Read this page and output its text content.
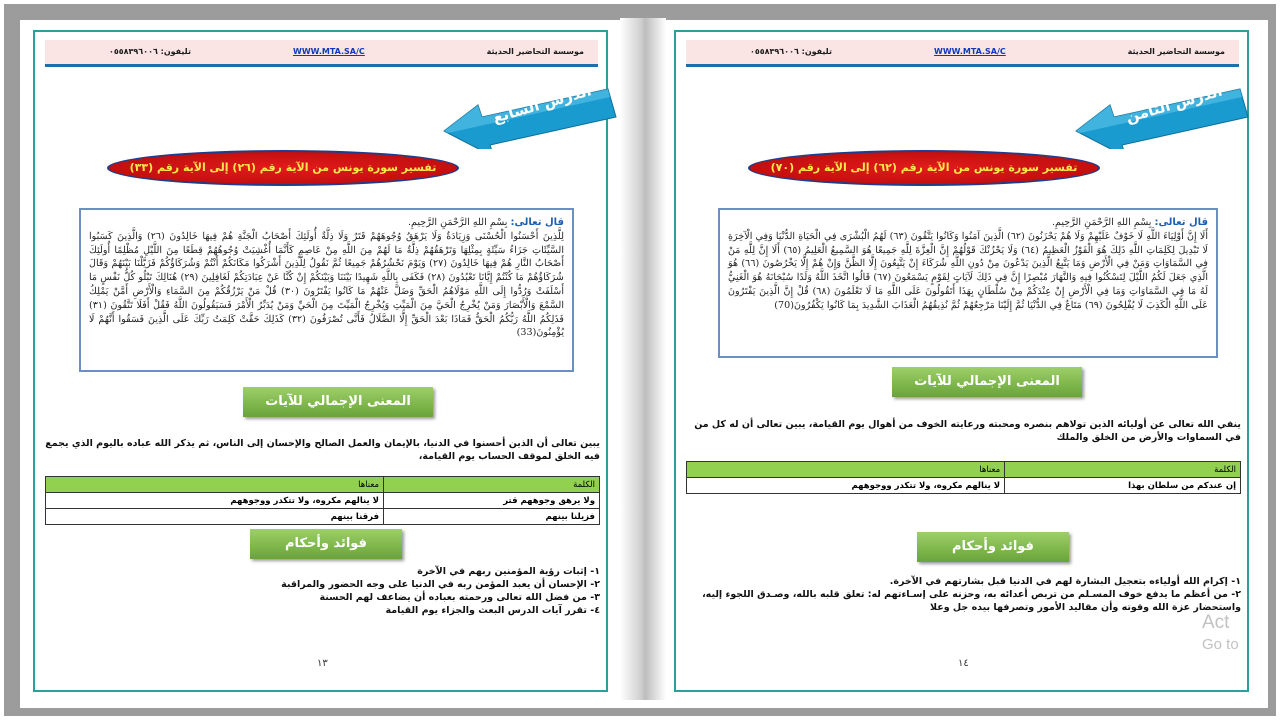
موسسة التحاضير الحديثة
WWW.MTA.SA/C
تليفون: ٠٥٥٨٣٩٦٠٠٦
الدرس السابع
تفسير سورة يونس من الآية رقم (٢٦) إلى الآية رقم (٣٣)
قال تعالى: بِسْمِ اللهِ الرَّحْمَنِ الرَّحِيمِ.
لِلَّذِينَ أَحْسَنُوا الْحُسْنَى وَزِيَادَةٌ وَلَا يَرْهَقُ وُجُوهَهُمْ قَتَرٌ وَلَا ذِلَّةٌ أُولَئِكَ أَصْحَابُ الْجَنَّةِ هُمْ فِيهَا خَالِدُونَ (٢٦) وَالَّذِينَ كَسَبُوا السَّيِّئَاتِ جَزَاءُ سَيِّئَةٍ بِمِثْلِهَا وَتَرْهَقُهُمْ ذِلَّةٌ مَا لَهُمْ مِنَ اللَّهِ مِنْ عَاصِمٍ كَأَنَّمَا أُغْشِيَتْ وُجُوهُهُمْ قِطَعًا مِنَ اللَّيْلِ مُظْلِمًا أُولَئِكَ أَصْحَابُ النَّارِ هُمْ فِيهَا خَالِدُونَ (٢٧) وَيَوْمَ نَحْشُرُهُمْ جَمِيعًا ثُمَّ نَقُولُ لِلَّذِينَ أَشْرَكُوا مَكَانَكُمْ أَنْتُمْ وَشُرَكَاؤُكُمْ فَزَيَّلْنَا بَيْنَهُمْ وَقَالَ شُرَكَاؤُهُمْ مَا كُنْتُمْ إِيَّانَا تَعْبُدُونَ (٢٨) فَكَفَى بِاللَّهِ شَهِيدًا بَيْنَنَا وَبَيْنَكُمْ إِنْ كُنَّا عَنْ عِبَادَتِكُمْ لَغَافِلِينَ (٢٩) هُنَالِكَ تَبْلُو كُلُّ نَفْسٍ مَا أَسْلَفَتْ وَرُدُّوا إِلَى اللَّهِ مَوْلَاهُمُ الْحَقِّ وَضَلَّ عَنْهُمْ مَا كَانُوا يَفْتَرُونَ (٣٠) قُلْ مَنْ يَرْزُقُكُمْ مِنَ السَّمَاءِ وَالْأَرْضِ أَمَّنْ يَمْلِكُ السَّمْعَ وَالْأَبْصَارَ وَمَنْ يُخْرِجُ الْحَيَّ مِنَ الْمَيِّتِ وَيُخْرِجُ الْمَيِّتَ مِنَ الْحَيِّ وَمَنْ يُدَبِّرُ الْأَمْرَ فَسَيَقُولُونَ اللَّهُ فَقُلْ أَفَلَا تَتَّقُونَ (٣١) فَذَلِكُمُ اللَّهُ رَبُّكُمُ الْحَقُّ فَمَاذَا بَعْدَ الْحَقِّ إِلَّا الضَّلَالُ فَأَنَّى تُصْرَفُونَ (٣٢) كَذَلِكَ حَقَّتْ كَلِمَتُ رَبِّكَ عَلَى الَّذِينَ فَسَقُوا أَنَّهُمْ لَا يُؤْمِنُونَ(33)
المعنى الإجمالي للآيات
يبين تعالى أن الذين أحسنوا في الدنيا، بالإيمان والعمل الصالح والإحسان إلى الناس، ثم يذكر الله عباده باليوم الذي يجمع فيه الخلق لموقف الحساب يوم القيامة،
الكلمة	معناها
ولا يرهق وجوههم قتر	لا ينالهم مكروه، ولا تتكدر ووجوههم
فزيلنا بينهم	فرقنا بينهم
فوائد وأحكام
١- إثبات رؤية المؤمنين ربهم في الآخرة
٢- الإحسان أن يعبد المؤمن ربه في الدنيا على وجه الحضور والمراقبة
٣- من فضل الله تعالى ورحمته بعباده أن يضاعف لهم الحسنة
٤- تقرر آيات الدرس البعث والجزاء يوم القيامة
١٣
موسسة التحاضير الحديثة
WWW.MTA.SA/C
تليفون: ٠٥٥٨٣٩٦٠٠٦
الدرس الثامن
تفسير سورة يونس من الآية رقم (٦٢) إلى الآية رقم (٧٠)
قال تعالى: بِسْمِ اللهِ الرَّحْمَنِ الرَّحِيمِ.
أَلَا إِنَّ أَوْلِيَاءَ اللَّهِ لَا خَوْفٌ عَلَيْهِمْ وَلَا هُمْ يَحْزَنُونَ (٦٢) الَّذِينَ آمَنُوا وَكَانُوا يَتَّقُونَ (٦٣) لَهُمُ الْبُشْرَى فِي الْحَيَاةِ الدُّنْيَا وَفِي الْآخِرَةِ لَا تَبْدِيلَ لِكَلِمَاتِ اللَّهِ ذَلِكَ هُوَ الْفَوْزُ الْعَظِيمُ (٦٤) وَلَا يَحْزُنْكَ قَوْلُهُمْ إِنَّ الْعِزَّةَ لِلَّهِ جَمِيعًا هُوَ السَّمِيعُ الْعَلِيمُ (٦٥) أَلَا إِنَّ لِلَّهِ مَنْ فِي السَّمَاوَاتِ وَمَنْ فِي الْأَرْضِ وَمَا يَتَّبِعُ الَّذِينَ يَدْعُونَ مِنْ دُونِ اللَّهِ شُرَكَاءَ إِنْ يَتَّبِعُونَ إِلَّا الظَّنَّ وَإِنْ هُمْ إِلَّا يَخْرُصُونَ (٦٦) هُوَ الَّذِي جَعَلَ لَكُمُ اللَّيْلَ لِتَسْكُنُوا فِيهِ وَالنَّهَارَ مُبْصِرًا إِنَّ فِي ذَلِكَ لَآيَاتٍ لِقَوْمٍ يَسْمَعُونَ (٦٧) قَالُوا اتَّخَذَ اللَّهُ وَلَدًا سُبْحَانَهُ هُوَ الْغَنِيُّ لَهُ مَا فِي السَّمَاوَاتِ وَمَا فِي الْأَرْضِ إِنْ عِنْدَكُمْ مِنْ سُلْطَانٍ بِهَذَا أَتَقُولُونَ عَلَى اللَّهِ مَا لَا تَعْلَمُونَ (٦٨) قُلْ إِنَّ الَّذِينَ يَفْتَرُونَ عَلَى اللَّهِ الْكَذِبَ لَا يُفْلِحُونَ (٦٩) مَتَاعٌ فِي الدُّنْيَا ثُمَّ إِلَيْنَا مَرْجِعُهُمْ ثُمَّ نُذِيقُهُمُ الْعَذَابَ الشَّدِيدَ بِمَا كَانُوا يَكْفُرُونَ(70)
المعنى الإجمالي للآيات
ينفي الله تعالى عن أوليائه الذين تولاهم بنصره ومحبته ورعايته الخوف من أهوال يوم القيامة، يبين تعالى أن له كل من في السماوات والأرض من الخلق والملك
الكلمة	معناها
إن عندكم من سلطان بهذا	لا ينالهم مكروه، ولا تتكدر ووجوههم
فوائد وأحكام
١- إكرام الله أولياءه بتعجيل البشارة لهم في الدنيا قبل بشارتهم في الآخرة.
٢- من أعظم ما يدفع خوف المسـلم من تربص أعدائه به، وحزنه على إسـاءتهم له: تعلق قلبه بالله، وصـدق اللجوء إليه، واستحضار عزة الله وقوته وأن مقاليد الأمور وتصرفها بيده جل وعلا
١٤
Act
Go to
